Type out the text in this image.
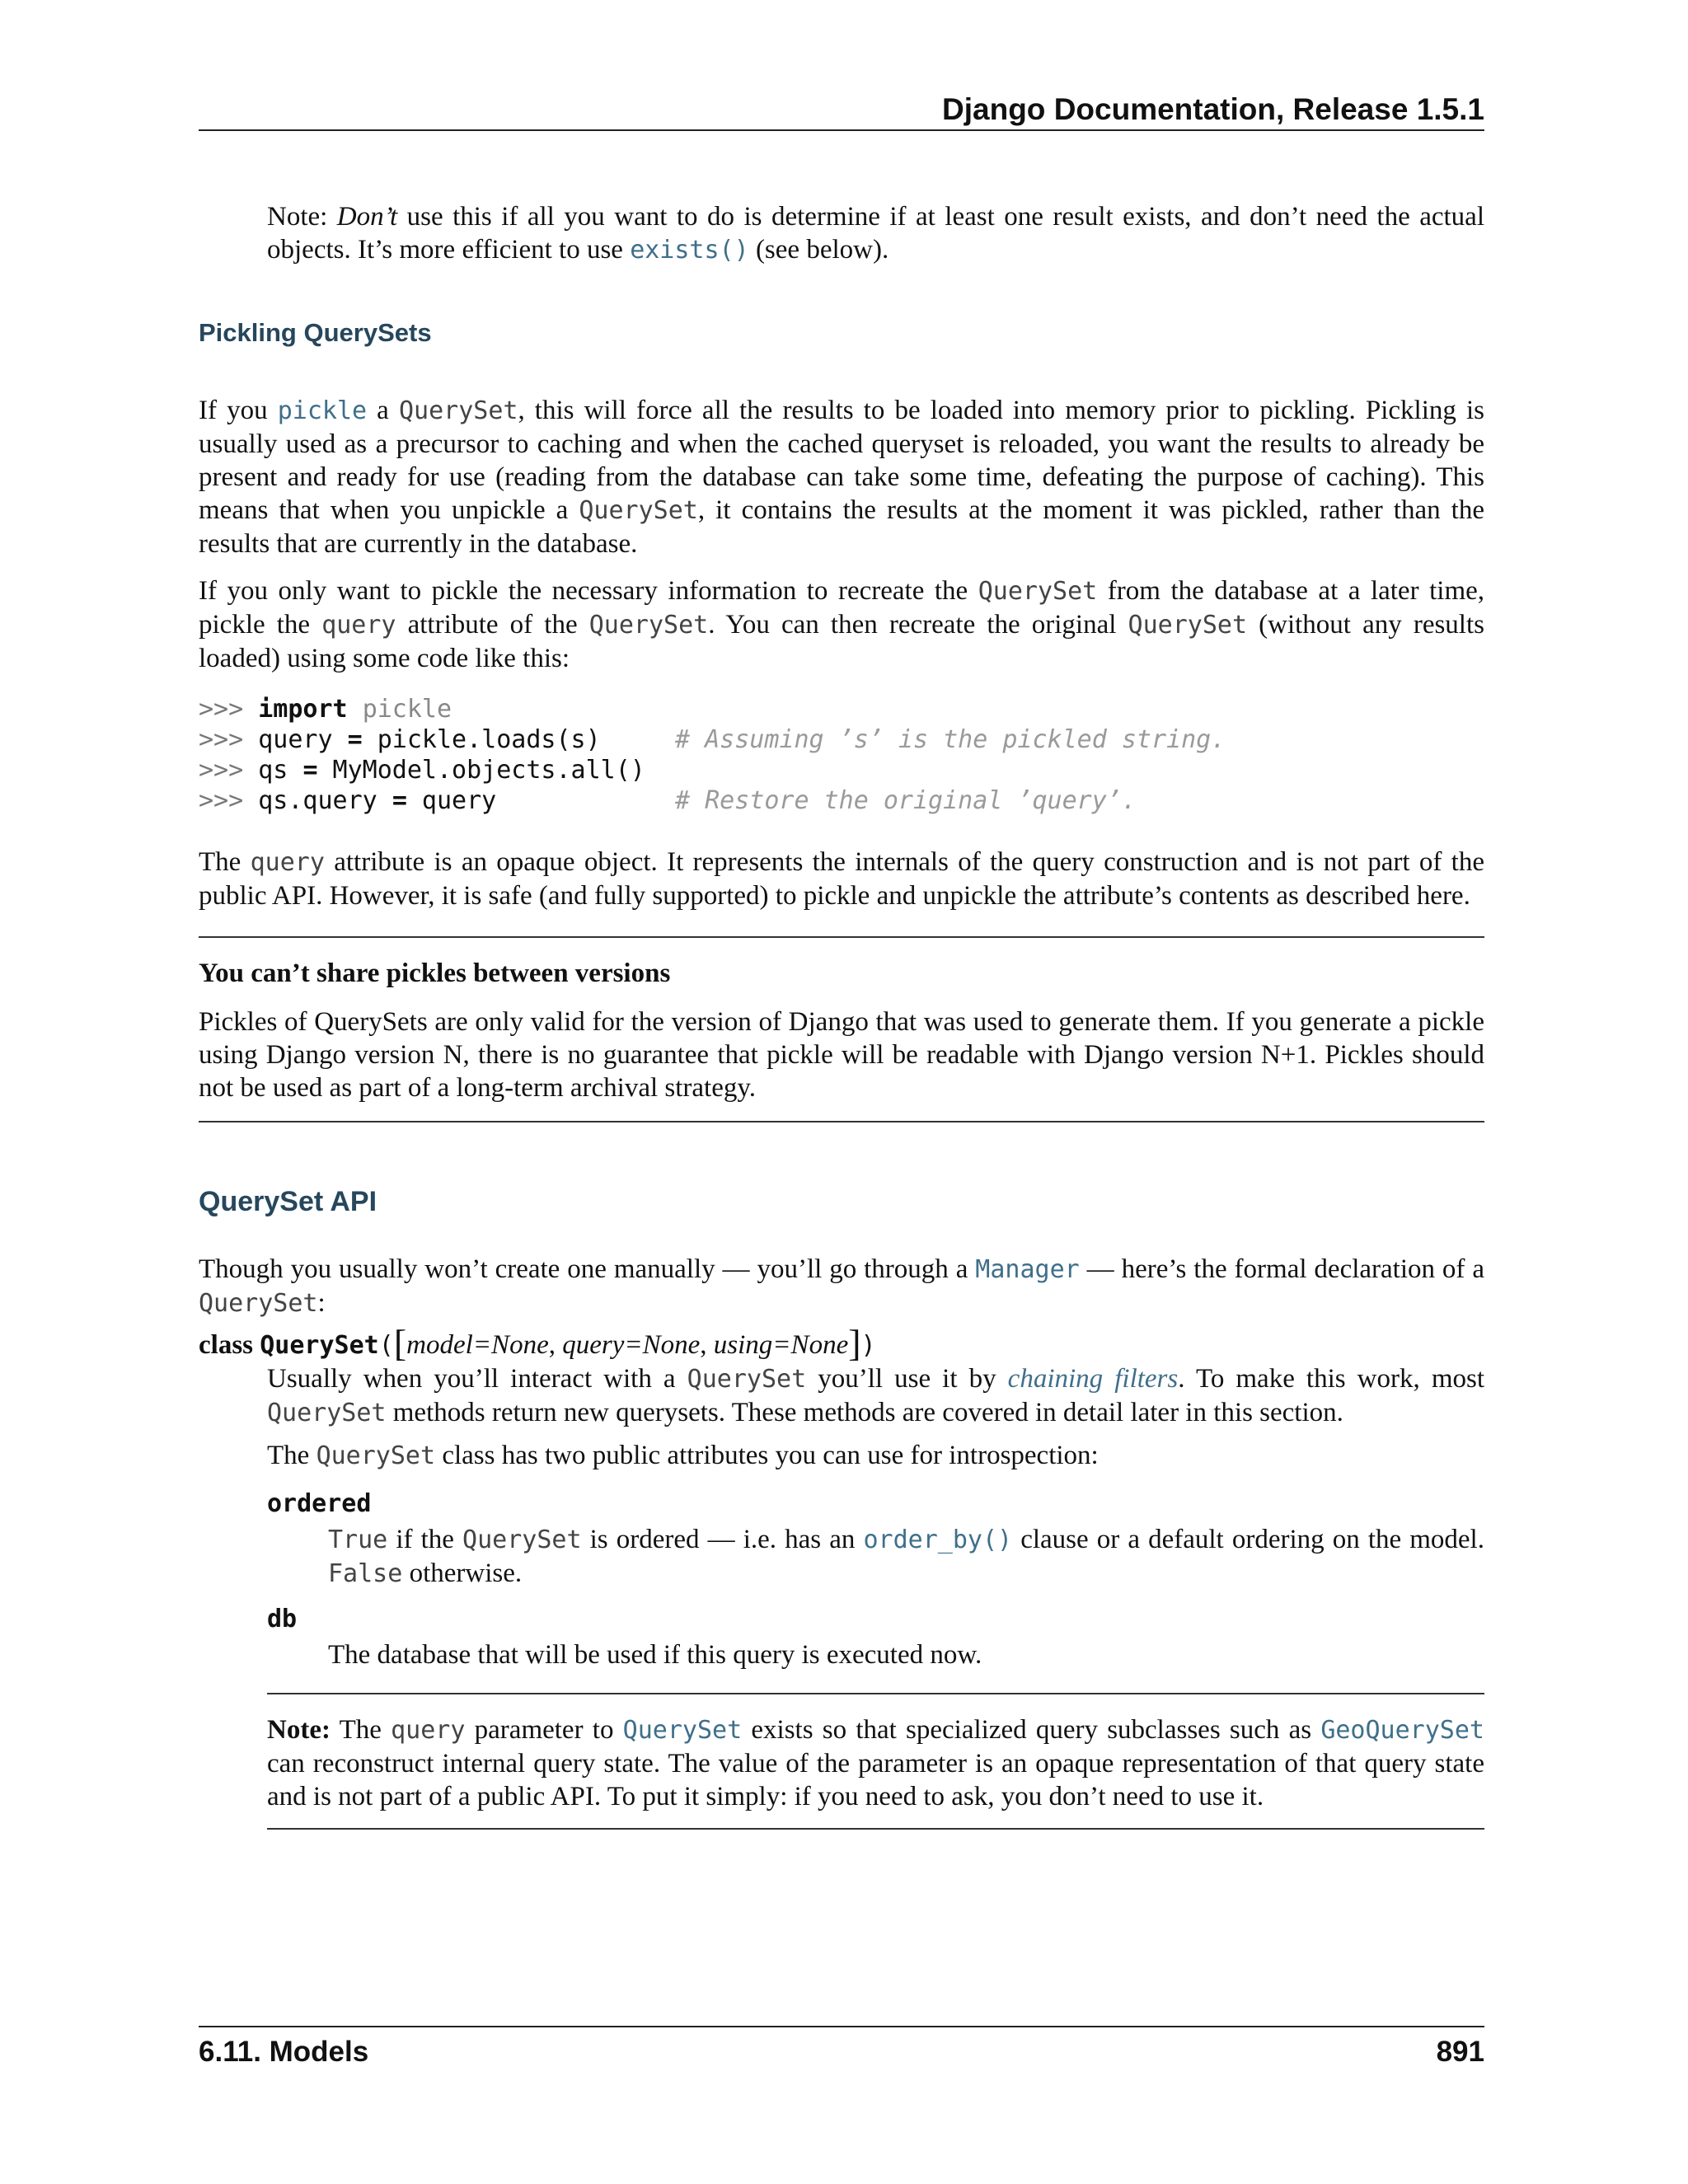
Django Documentation, Release 1.5.1

Note: Don’t use this if all you want to do is determine if at least one result exists, and don’t need the actual objects. It’s more efficient to use exists() (see below).

Pickling QuerySets

If you pickle a QuerySet, this will force all the results to be loaded into memory prior to pickling. Pickling is usually used as a precursor to caching and when the cached queryset is reloaded, you want the results to already be present and ready for use (reading from the database can take some time, defeating the purpose of caching). This means that when you unpickle a QuerySet, it contains the results at the moment it was pickled, rather than the results that are currently in the database.

If you only want to pickle the necessary information to recreate the QuerySet from the database at a later time, pickle the query attribute of the QuerySet. You can then recreate the original QuerySet (without any results loaded) using some code like this:

>>> import pickle
>>> query = pickle.loads(s)     # Assuming ’s’ is the pickled string.
>>> qs = MyModel.objects.all()
>>> qs.query = query            # Restore the original ’query’.

The query attribute is an opaque object. It represents the internals of the query construction and is not part of the public API. However, it is safe (and fully supported) to pickle and unpickle the attribute’s contents as described here.

You can’t share pickles between versions

Pickles of QuerySets are only valid for the version of Django that was used to generate them. If you generate a pickle using Django version N, there is no guarantee that pickle will be readable with Django version N+1. Pickles should not be used as part of a long-term archival strategy.

QuerySet API

Though you usually won’t create one manually — you’ll go through a Manager — here’s the formal declaration of a QuerySet:

class QuerySet([model=None, query=None, using=None])

Usually when you’ll interact with a QuerySet you’ll use it by chaining filters. To make this work, most QuerySet methods return new querysets. These methods are covered in detail later in this section.

The QuerySet class has two public attributes you can use for introspection:

ordered

True if the QuerySet is ordered — i.e. has an order_by() clause or a default ordering on the model. False otherwise.

db

The database that will be used if this query is executed now.

Note: The query parameter to QuerySet exists so that specialized query subclasses such as GeoQuerySet can reconstruct internal query state. The value of the parameter is an opaque representation of that query state and is not part of a public API. To put it simply: if you need to ask, you don’t need to use it.

6.11. Models	891
